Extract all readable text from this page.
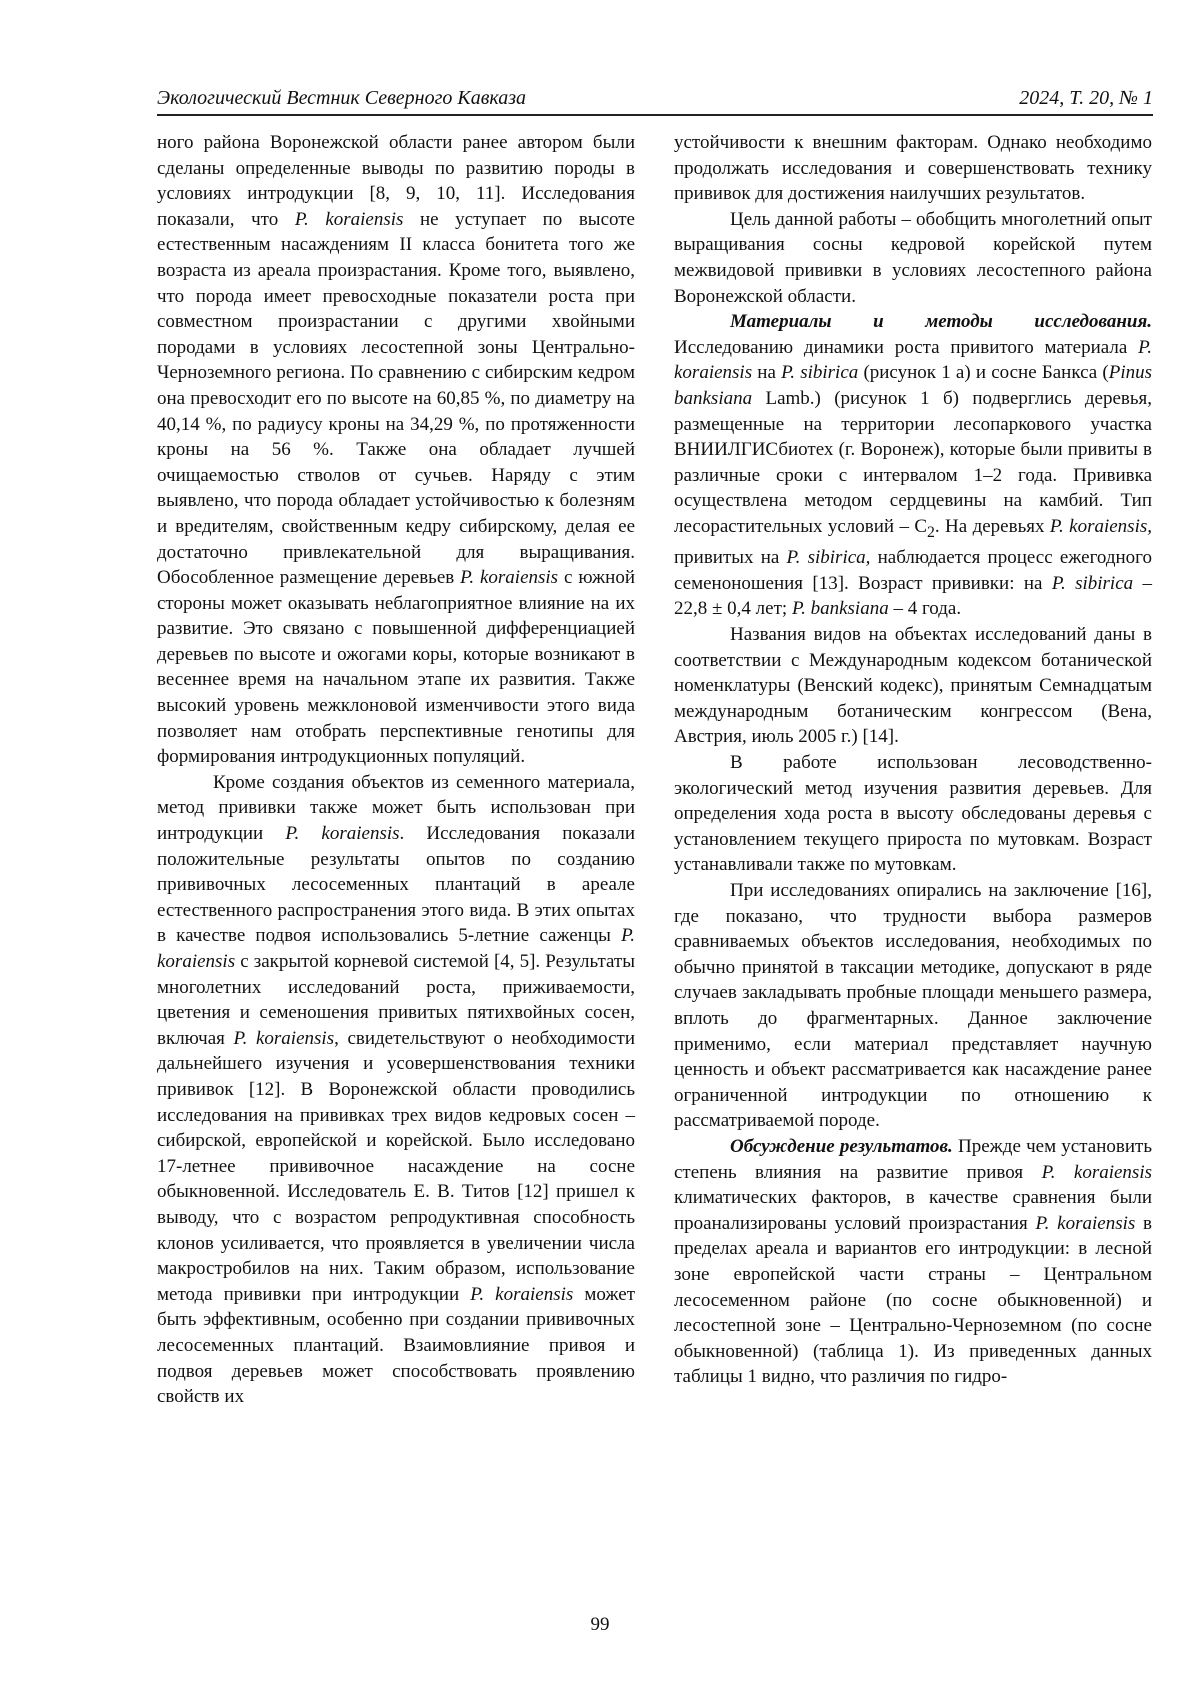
Экологический Вестник Северного Кавказа	2024, Т. 20, № 1

ного района Воронежской области ранее автором были сделаны определенные выводы по развитию породы в условиях интродукции [8, 9, 10, 11]. Исследования показали, что P. koraiensis не уступает по высоте естественным насаждениям II класса бонитета того же возраста из ареала произрастания. Кроме того, выявлено, что порода имеет превосходные показатели роста при совместном произрастании с другими хвойными породами в условиях лесостепной зоны Центрально-Черноземного региона. По сравнению с сибирским кедром она превосходит его по высоте на 60,85 %, по диаметру на 40,14 %, по радиусу кроны на 34,29 %, по протяженности кроны на 56 %. Также она обладает лучшей очищаемостью стволов от сучьев. Наряду с этим выявлено, что порода обладает устойчивостью к болезням и вредителям, свойственным кедру сибирскому, делая ее достаточно привлекательной для выращивания. Обособленное размещение деревьев P. koraiensis с южной стороны может оказывать неблагоприятное влияние на их развитие. Это связано с повышенной дифференциацией деревьев по высоте и ожогами коры, которые возникают в весеннее время на начальном этапе их развития. Также высокий уровень межклоновой изменчивости этого вида позволяет нам отобрать перспективные генотипы для формирования интродукционных популяций.

Кроме создания объектов из семенного материала, метод прививки также может быть использован при интродукции P. koraiensis. Исследования показали положительные результаты опытов по созданию прививочных лесосеменных плантаций в ареале естественного распространения этого вида. В этих опытах в качестве подвоя использовались 5-летние саженцы P. koraiensis с закрытой корневой системой [4, 5]. Результаты многолетних исследований роста, приживаемости, цветения и семеношения привитых пятихвойных сосен, включая P. koraiensis, свидетельствуют о необходимости дальнейшего изучения и усовершенствования техники прививок [12]. В Воронежской области проводились исследования на прививках трех видов кедровых сосен – сибирской, европейской и корейской. Было исследовано 17-летнее прививочное насаждение на сосне обыкновенной. Исследователь Е. В. Титов [12] пришел к выводу, что с возрастом репродуктивная способность клонов усиливается, что проявляется в увеличении числа макростробилов на них. Таким образом, использование метода прививки при интродукции P. koraiensis может быть эффективным, особенно при создании прививочных лесосеменных плантаций. Взаимовлияние привоя и подвоя деревьев может способствовать проявлению свойств их

устойчивости к внешним факторам. Однако необходимо продолжать исследования и совершенствовать технику прививок для достижения наилучших результатов.

Цель данной работы – обобщить многолетний опыт выращивания сосны кедровой корейской путем межвидовой прививки в условиях лесостепного района Воронежской области.

Материалы и методы исследования. Исследованию динамики роста привитого материала P. koraiensis на P. sibirica (рисунок 1 а) и сосне Банкса (Pinus banksiana Lamb.) (рисунок 1 б) подверглись деревья, размещенные на территории лесопаркового участка ВНИИЛГИСбиотех (г. Воронеж), которые были привиты в различные сроки с интервалом 1–2 года. Прививка осуществлена методом сердцевины на камбий. Тип лесорастительных условий – $С_2$. На деревьях P. koraiensis, привитых на P. sibirica, наблюдается процесс ежегодного семеноношения [13]. Возраст прививки: на P. sibirica – 22,8 ± 0,4 лет; P. banksiana – 4 года.

Названия видов на объектах исследований даны в соответствии с Международным кодексом ботанической номенклатуры (Венский кодекс), принятым Семнадцатым международным ботаническим конгрессом (Вена, Австрия, июль 2005 г.) [14].

В работе использован лесоводственно-экологический метод изучения развития деревьев. Для определения хода роста в высоту обследованы деревья с установлением текущего прироста по мутовкам. Возраст устанавливали также по мутовкам.

При исследованиях опирались на заключение [16], где показано, что трудности выбора размеров сравниваемых объектов исследования, необходимых по обычно принятой в таксации методике, допускают в ряде случаев закладывать пробные площади меньшего размера, вплоть до фрагментарных. Данное заключение применимо, если материал представляет научную ценность и объект рассматривается как насаждение ранее ограниченной интродукции по отношению к рассматриваемой породе.

Обсуждение результатов. Прежде чем установить степень влияния на развитие привоя P. koraiensis климатических факторов, в качестве сравнения были проанализированы условий произрастания P. koraiensis в пределах ареала и вариантов его интродукции: в лесной зоне европейской части страны – Центральном лесосеменном районе (по сосне обыкновенной) и лесостепной зоне – Центрально-Черноземном (по сосне обыкновенной) (таблица 1). Из приведенных данных таблицы 1 видно, что различия по гидро-

99
